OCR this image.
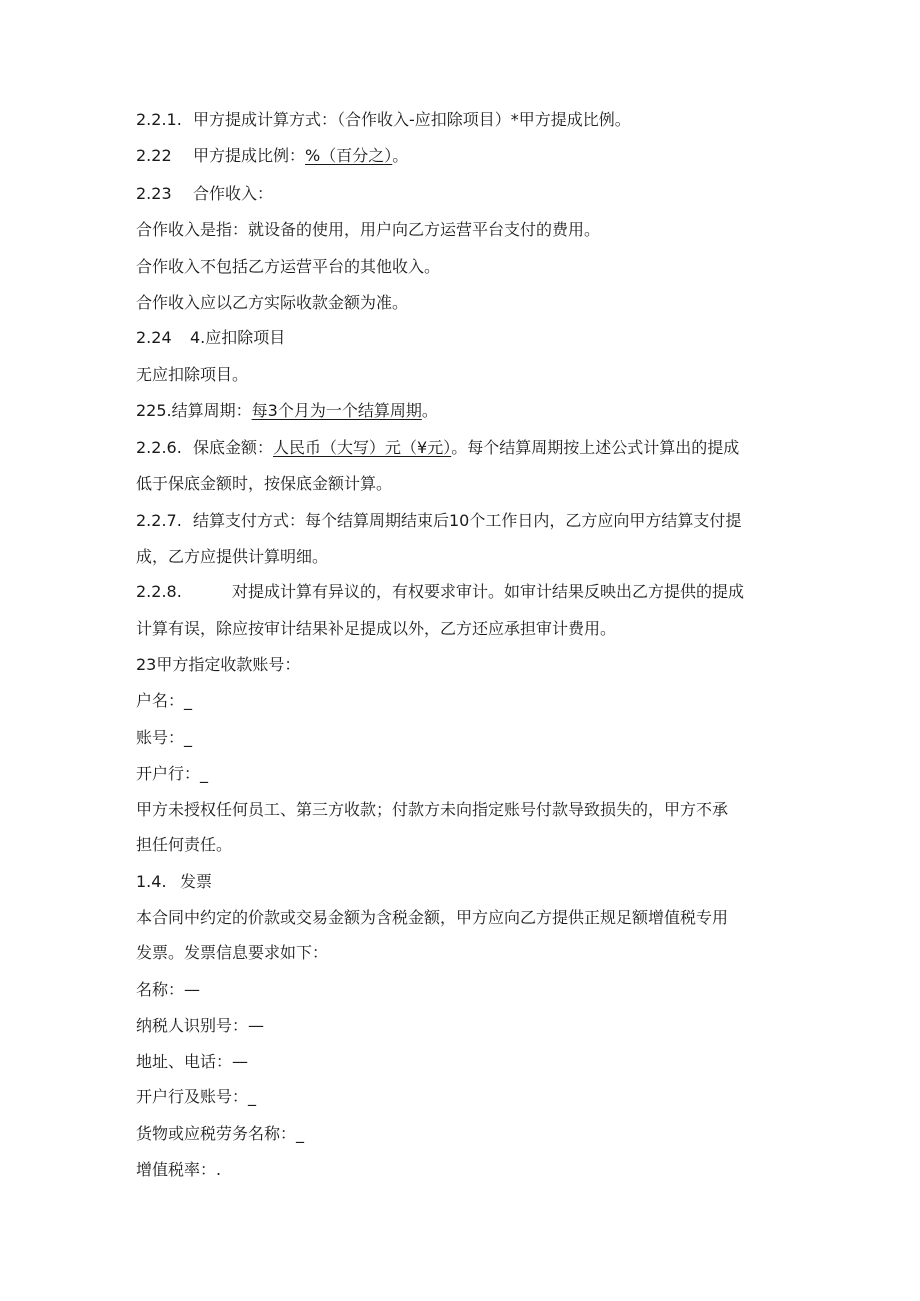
2.2.1. 甲方提成计算方式：（合作收入-应扣除项目）*甲方提成比例。

2.22 甲方提成比例：%（百分之）。

2.23 合作收入：

合作收入是指：就设备的使用，用户向乙方运营平台支付的费用。

合作收入不包括乙方运营平台的其他收入。

合作收入应以乙方实际收款金额为准。

2.24 4.应扣除项目

无应扣除项目。

225.结算周期：每3个月为一个结算周期。

2.2.6. 保底金额：人民币（大写）元（¥元）。每个结算周期按上述公式计算出的提成

低于保底金额时，按保底金额计算。

2.2.7. 结算支付方式：每个结算周期结束后10个工作日内，乙方应向甲方结算支付提

成，乙方应提供计算明细。

2.2.8.	对提成计算有异议的，有权要求审计。如审计结果反映出乙方提供的提成

计算有误，除应按审计结果补足提成以外，乙方还应承担审计费用。

23甲方指定收款账号：

户名：_

账号：_

开户行：_

甲方未授权任何员工、第三方收款；付款方未向指定账号付款导致损失的，甲方不承

担任何责任。

1.4. 发票

本合同中约定的价款或交易金额为含税金额，甲方应向乙方提供正规足额增值税专用

发票。发票信息要求如下：

名称：—

纳税人识别号：—

地址、电话：—

开户行及账号：_

货物或应税劳务名称：_

增值税率：.
